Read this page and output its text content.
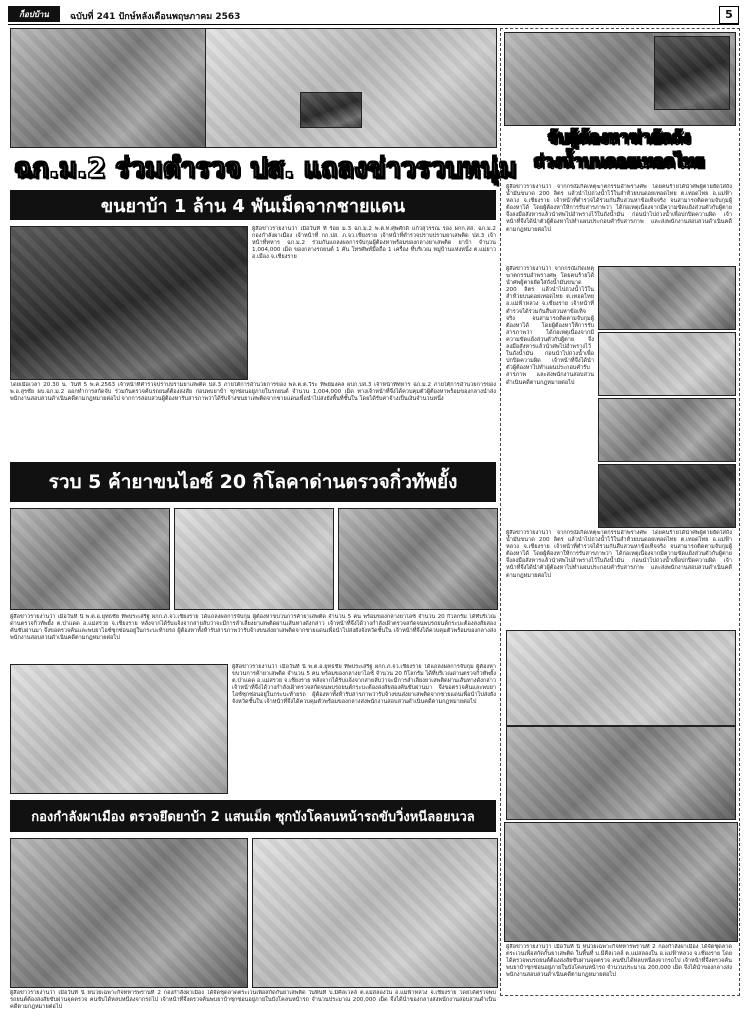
ก็อปบ้าน	ฉบับที่ 241 ปักษ์หลังเดือนพฤษภาคม 2563	5
ฉก.ม.2 ร่วมตำรวจ ปส. แถลงข่าวรวบหนุ่ม
ขนยาบ้า 1 ล้าน 4 พันเม็ดจากชายแดน
ผู้สื่อข่าวรายงานว่า เมื่อวันที่ ที่ ร้อย ม.3 ฉก.ม.2 พ.ต.ท.ศุพศักดิ์ แก้วสุวรรณ รอง ผกก.สส. ฉก.ม.2 กองกำลังผาเมือง เจ้าหน้าที่ กก.ปส. ภ.จว.เชียงราย เจ้าหน้าที่ตำรวจปราบปรามยาเสพติด ปส.3 เจ้าหน้าที่ทหาร ฉก.ม.2 ร่วมกันแถลงผลการจับกุมผู้ต้องหาพร้อมของกลางยาเสพติด ยาบ้า จำนวน 1,004,000 เม็ด ของกลางรถยนต์ 1 คัน โทรศัพท์มือถือ 1 เครื่อง ที่บริเวณ หมู่บ้านแห่งหนึ่ง ต.แม่ยาว อ.เมือง จ.เชียงราย
โดยเมื่อเวลา 20.30 น. วันที่ 5 พ.ค.2563 เจ้าหน้าที่ตำรวจปราบปรามยาเสพติด ปส.3 ภายใต้การอำนวยการของ พล.ต.ต.วีระ ทิพย์มงคล ผบก.ปส.3 เจ้าหน้าที่ทหาร ฉก.ม.2 ภายใต้การอำนวยการของ พ.อ.สุรชัย ผบ.ฉก.ม.2 ออกทำการสกัดจับ ร่วมกันตรวจค้นรถยนต์ต้องสงสัย ก่อนพบยาบ้า ซุกซ่อนอยู่ภายในรถยนต์ จำนวน 1,004,000 เม็ด ทางเจ้าหน้าที่จึงได้ควบคุมตัวผู้ต้องหาพร้อมของกลางนำส่งพนักงานสอบสวนดำเนินคดีตามกฎหมายต่อไป จากการสอบสวนผู้ต้องหารับสารภาพว่าได้รับจ้างขนยาเสพติดจากชายแดนเพื่อนำไปส่งยังพื้นที่ชั้นใน โดยได้รับค่าจ้างเป็นเงินจำนวนหนึ่ง
รวบ 5 ค้ายาขนไอซ์ 20 กิโลคาด่านตรวจกิ่วทัพยั้ง
ผู้สื่อข่าวรายงานว่า เมื่อวันที่ นี้ พ.ต.อ.ยุทธชัย ทิพประเสริฐ ผกก.ภ.จว.เชียงราย ได้แถลงผลการจับกุม ผู้ต้องหาขบวนการค้ายาเสพติด จำนวน 5 คน พร้อมของกลางยาไอซ์ จำนวน 20 กิโลกรัม ได้ที่บริเวณด่านตรวจกิ่วทัพยั้ง ต.ป่าแดด อ.แม่สรวย จ.เชียงราย หลังจากได้รับแจ้งจากสายลับว่าจะมีการลำเลียงยาเสพติดผ่านเส้นทางดังกล่าว เจ้าหน้าที่จึงได้วางกำลังเฝ้าตรวจสกัดจนพบรถยนต์กระบะต้องสงสัยสองคันขับผ่านมา จึงขอตรวจค้นและพบยาไอซ์ซุกซ่อนอยู่ในกระบะท้ายรถ ผู้ต้องหาทั้งห้ารับสารภาพว่ารับจ้างขนส่งยาเสพติดจากชายแดนเพื่อนำไปส่งยังจังหวัดชั้นใน เจ้าหน้าที่จึงได้ควบคุมตัวพร้อมของกลางส่งพนักงานสอบสวนดำเนินคดีตามกฎหมายต่อไป
ผู้สื่อข่าวรายงานว่า เมื่อวันที่ นี้ พ.ต.อ.ยุทธชัย ทิพประเสริฐ ผกก.ภ.จว.เชียงราย ได้แถลงผลการจับกุม ผู้ต้องหาขบวนการค้ายาเสพติด จำนวน 5 คน พร้อมของกลางยาไอซ์ จำนวน 20 กิโลกรัม ได้ที่บริเวณด่านตรวจกิ่วทัพยั้ง ต.ป่าแดด อ.แม่สรวย จ.เชียงราย หลังจากได้รับแจ้งจากสายลับว่าจะมีการลำเลียงยาเสพติดผ่านเส้นทางดังกล่าว เจ้าหน้าที่จึงได้วางกำลังเฝ้าตรวจสกัดจนพบรถยนต์กระบะต้องสงสัยสองคันขับผ่านมา จึงขอตรวจค้นและพบยาไอซ์ซุกซ่อนอยู่ในกระบะท้ายรถ ผู้ต้องหาทั้งห้ารับสารภาพว่ารับจ้างขนส่งยาเสพติดจากชายแดนเพื่อนำไปส่งยังจังหวัดชั้นใน เจ้าหน้าที่จึงได้ควบคุมตัวพร้อมของกลางส่งพนักงานสอบสวนดำเนินคดีตามกฎหมายต่อไป
กองกำลังผาเมือง ตรวจยึดยาบ้า 2 แสนเม็ด ซุกบังโคลนหน้ารถขับวิ่งหนีลอยนวล
ผู้สื่อข่าวรายงานว่า เมื่อวันที่ นี้ หน่วยเฉพาะกิจทหารพรานที่ 2 กองกำลังผาเมือง ได้จัดชุดลาดตระเวนเพื่อสกัดกั้นยาเสพติด ในพื้นที่ บ.มีคีลเวลล์ ต.แม่สลองใน อ.แม่ฟ้าหลวง จ.เชียงราย โดยได้ตรวจพบรถยนต์ต้องสงสัยขับผ่านจุดตรวจ คนขับได้หลบหนีลงจากรถไป เจ้าหน้าที่จึงตรวจค้นพบยาบ้าซุกซ่อนอยู่ภายในบังโคลนหน้ารถ จำนวนประมาณ 200,000 เม็ด จึงได้นำของกลางส่งพนักงานสอบสวนดำเนินคดีตามกฎหมายต่อไป
จับผู้ต้องหาฆ่ายัดถัง
ถ่วงน้ำบนดอยเทอดไทย
ผู้สื่อข่าวรายงานว่า จากกรณีเกิดเหตุฆาตกรรมอำพรางศพ โดยคนร้ายได้นำศพผู้ตายยัดใส่ถังน้ำมันขนาด 200 ลิตร แล้วนำไปถ่วงน้ำไว้ในลำห้วยบนดอยเทอดไทย ต.เทอดไทย อ.แม่ฟ้าหลวง จ.เชียงราย เจ้าหน้าที่ตำรวจได้ร่วมกันสืบสวนหาข้อเท็จจริง จนสามารถติดตามจับกุมผู้ต้องหาได้ โดยผู้ต้องหาให้การรับสารภาพว่า ได้ก่อเหตุเนื่องจากมีความขัดแย้งส่วนตัวกับผู้ตาย จึงลงมือสังหารแล้วนำศพไปอำพรางไว้ในถังน้ำมัน ก่อนนำไปถ่วงน้ำเพื่อปกปิดความผิด เจ้าหน้าที่จึงได้นำตัวผู้ต้องหาไปทำแผนประกอบคำรับสารภาพ และส่งพนักงานสอบสวนดำเนินคดีตามกฎหมายต่อไป
ผู้สื่อข่าวรายงานว่า จากกรณีเกิดเหตุฆาตกรรมอำพรางศพ โดยคนร้ายได้นำศพผู้ตายยัดใส่ถังน้ำมันขนาด 200 ลิตร แล้วนำไปถ่วงน้ำไว้ในลำห้วยบนดอยเทอดไทย ต.เทอดไทย อ.แม่ฟ้าหลวง จ.เชียงราย เจ้าหน้าที่ตำรวจได้ร่วมกันสืบสวนหาข้อเท็จจริง จนสามารถติดตามจับกุมผู้ต้องหาได้ โดยผู้ต้องหาให้การรับสารภาพว่า ได้ก่อเหตุเนื่องจากมีความขัดแย้งส่วนตัวกับผู้ตาย จึงลงมือสังหารแล้วนำศพไปอำพรางไว้ในถังน้ำมัน ก่อนนำไปถ่วงน้ำเพื่อปกปิดความผิด เจ้าหน้าที่จึงได้นำตัวผู้ต้องหาไปทำแผนประกอบคำรับสารภาพ และส่งพนักงานสอบสวนดำเนินคดีตามกฎหมายต่อไป
ผู้สื่อข่าวรายงานว่า จากกรณีเกิดเหตุฆาตกรรมอำพรางศพ โดยคนร้ายได้นำศพผู้ตายยัดใส่ถังน้ำมันขนาด 200 ลิตร แล้วนำไปถ่วงน้ำไว้ในลำห้วยบนดอยเทอดไทย ต.เทอดไทย อ.แม่ฟ้าหลวง จ.เชียงราย เจ้าหน้าที่ตำรวจได้ร่วมกันสืบสวนหาข้อเท็จจริง จนสามารถติดตามจับกุมผู้ต้องหาได้ โดยผู้ต้องหาให้การรับสารภาพว่า ได้ก่อเหตุเนื่องจากมีความขัดแย้งส่วนตัวกับผู้ตาย จึงลงมือสังหารแล้วนำศพไปอำพรางไว้ในถังน้ำมัน ก่อนนำไปถ่วงน้ำเพื่อปกปิดความผิด เจ้าหน้าที่จึงได้นำตัวผู้ต้องหาไปทำแผนประกอบคำรับสารภาพ และส่งพนักงานสอบสวนดำเนินคดีตามกฎหมายต่อไป
ผู้สื่อข่าวรายงานว่า เมื่อวันที่ นี้ หน่วยเฉพาะกิจทหารพรานที่ 2 กองกำลังผาเมือง ได้จัดชุดลาดตระเวนเพื่อสกัดกั้นยาเสพติด ในพื้นที่ บ.มีคีลเวลล์ ต.แม่สลองใน อ.แม่ฟ้าหลวง จ.เชียงราย โดยได้ตรวจพบรถยนต์ต้องสงสัยขับผ่านจุดตรวจ คนขับได้หลบหนีลงจากรถไป เจ้าหน้าที่จึงตรวจค้นพบยาบ้าซุกซ่อนอยู่ภายในบังโคลนหน้ารถ จำนวนประมาณ 200,000 เม็ด จึงได้นำของกลางส่งพนักงานสอบสวนดำเนินคดีตามกฎหมายต่อไป
